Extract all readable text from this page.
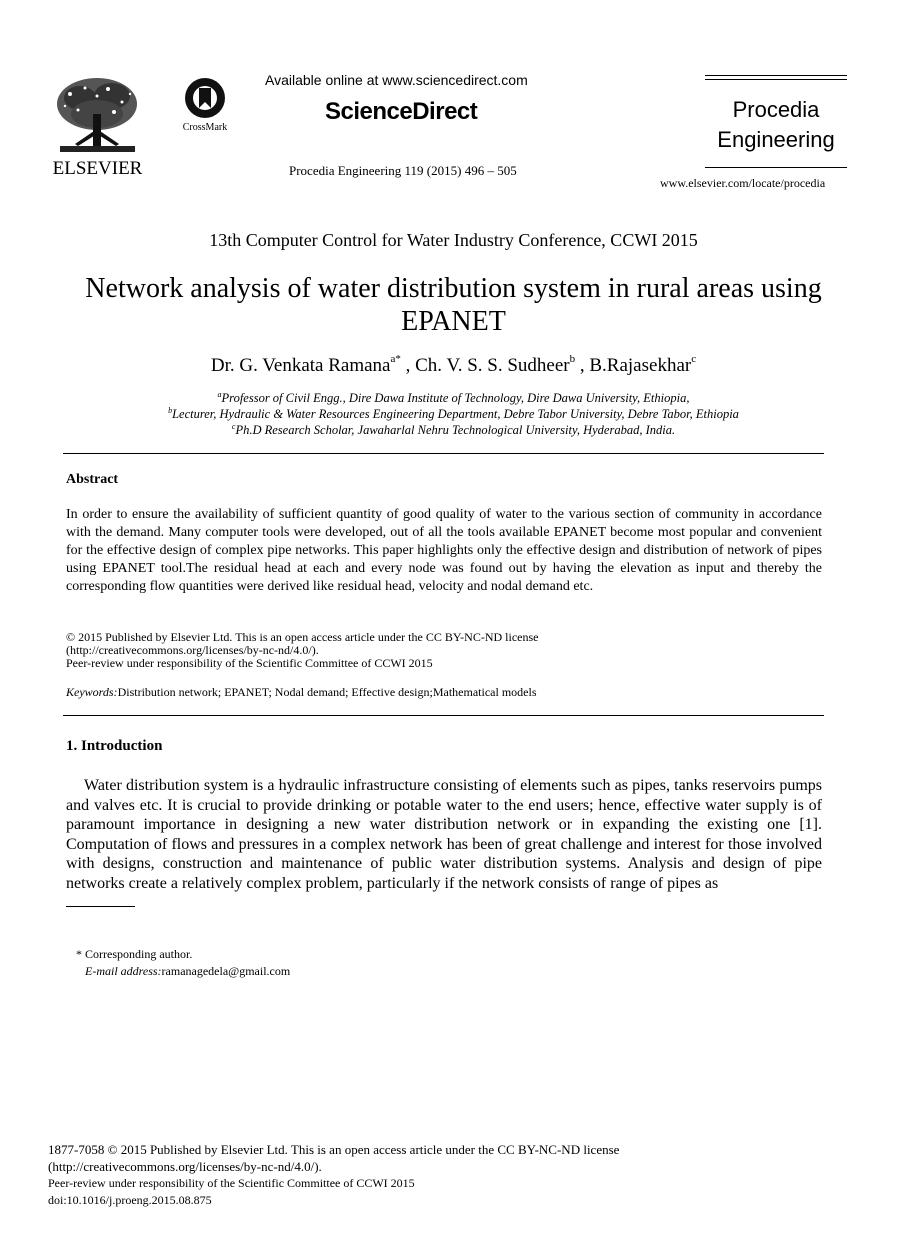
ELSEVIER
CrossMark
Available online at www.sciencedirect.com
ScienceDirect
Procedia Engineering 119 (2015) 496 – 505
Procedia
Engineering
www.elsevier.com/locate/procedia
13th Computer Control for Water Industry Conference, CCWI 2015
Network analysis of water distribution system in rural areas using EPANET
Dr. G. Venkata Ramana$^{a*}$ , Ch. V. S. S. Sudheer$^b$ , B.Rajasekhar$^c$
$^a$Professor of Civil Engg., Dire Dawa Institute of Technology, Dire Dawa University, Ethiopia,
$^b$Lecturer, Hydraulic & Water Resources Engineering Department, Debre Tabor University, Debre Tabor, Ethiopia
$^c$Ph.D Research Scholar, Jawaharlal Nehru Technological University, Hyderabad, India.
Abstract
In order to ensure the availability of sufficient quantity of good quality of water to the various section of community in accordance with the demand. Many computer tools were developed, out of all the tools available EPANET become most popular and convenient for the effective design of complex pipe networks. This paper highlights only the effective design and distribution of network of pipes using EPANET tool.The residual head at each and every node was found out by having the elevation as input and thereby the corresponding flow quantities were derived like residual head, velocity and nodal demand etc.
© 2015 Published by Elsevier Ltd. This is an open access article under the CC BY-NC-ND license
(http://creativecommons.org/licenses/by-nc-nd/4.0/).
Peer-review under responsibility of the Scientific Committee of CCWI 2015
Keywords:Distribution network; EPANET; Nodal demand; Effective design;Mathematical models
1. Introduction
Water distribution system is a hydraulic infrastructure consisting of elements such as pipes, tanks reservoirs pumps and valves etc. It is crucial to provide drinking or potable water to the end users; hence, effective water supply is of paramount importance in designing a new water distribution network or in expanding the existing one [1]. Computation of flows and pressures in a complex network has been of great challenge and interest for those involved with designs, construction and maintenance of public water distribution systems. Analysis and design of pipe networks create a relatively complex problem, particularly if the network consists of range of pipes as
* Corresponding author.
E-mail address:ramanagedela@gmail.com
1877-7058 © 2015 Published by Elsevier Ltd. This is an open access article under the CC BY-NC-ND license
(http://creativecommons.org/licenses/by-nc-nd/4.0/).
Peer-review under responsibility of the Scientific Committee of CCWI 2015
doi:10.1016/j.proeng.2015.08.875
